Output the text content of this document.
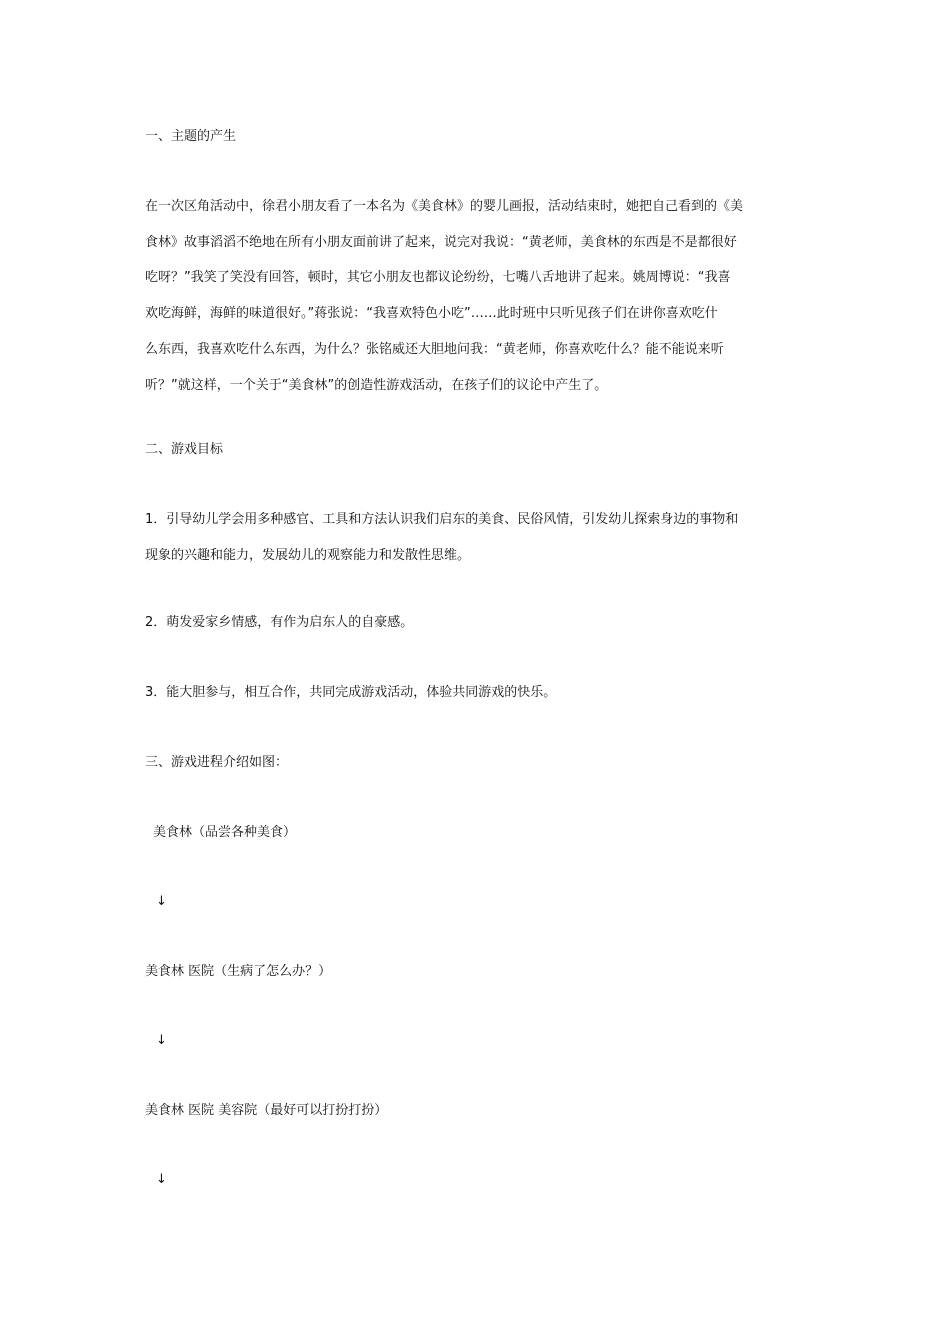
一、主题的产生
在一次区角活动中，徐君小朋友看了一本名为《美食林》的婴儿画报，活动结束时，她把自己看到的《美
食林》故事滔滔不绝地在所有小朋友面前讲了起来，说完对我说：“黄老师，美食林的东西是不是都很好
吃呀？”我笑了笑没有回答，顿时，其它小朋友也都议论纷纷，七嘴八舌地讲了起来。姚周博说：“我喜
欢吃海鲜，海鲜的味道很好。”蒋张说：“我喜欢特色小吃”……此时班中只听见孩子们在讲你喜欢吃什
么东西，我喜欢吃什么东西，为什么？张铭威还大胆地问我：“黄老师，你喜欢吃什么？能不能说来听
听？”就这样，一个关于“美食林”的创造性游戏活动，在孩子们的议论中产生了。
二、游戏目标
1．引导幼儿学会用多种感官、工具和方法认识我们启东的美食、民俗风情，引发幼儿探索身边的事物和
现象的兴趣和能力，发展幼儿的观察能力和发散性思维。
2．萌发爱家乡情感，有作为启东人的自豪感。
3．能大胆参与，相互合作，共同完成游戏活动，体验共同游戏的快乐。
三、游戏进程介绍如图：
美食林（品尝各种美食）
↓
美食林 医院（生病了怎么办？）
↓
美食林 医院 美容院（最好可以打扮打扮）
↓
